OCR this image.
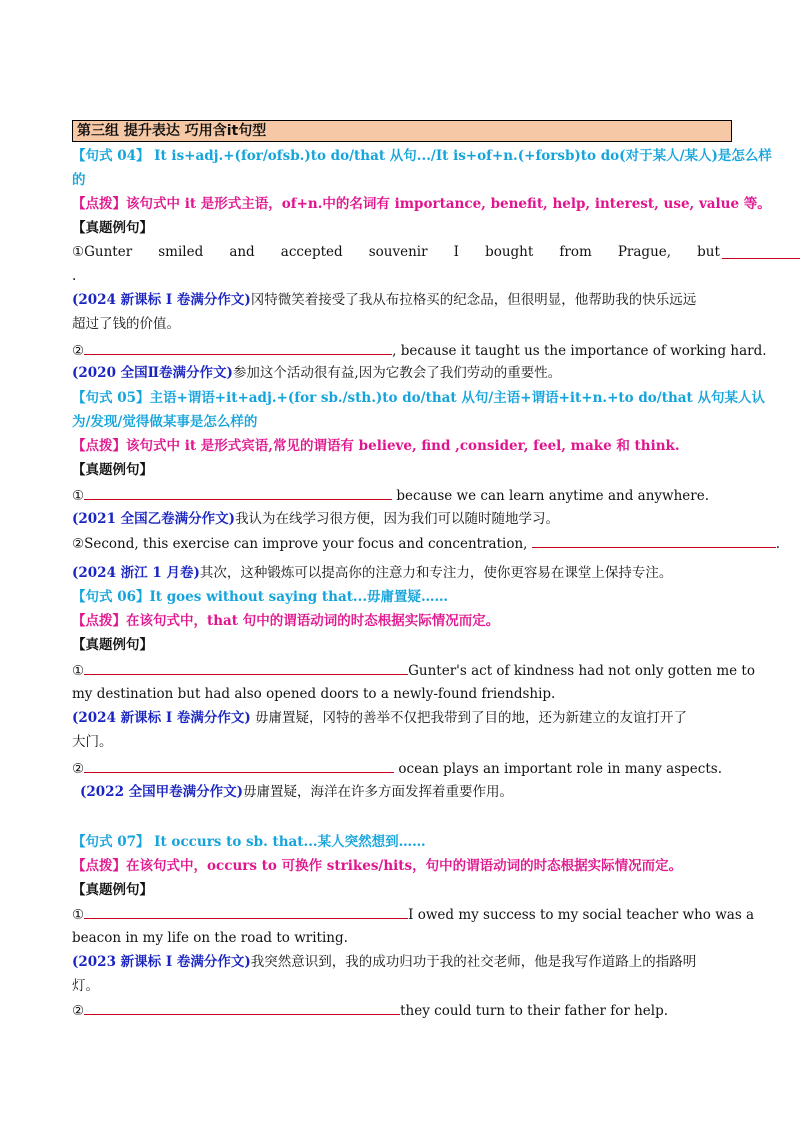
第三组 提升表达 巧用含it句型
【句式 04】 It is+adj.+(for/ofsb.)to do/that 从句.../It is+of+n.(+forsb)to do(对于某人/某人)是怎么样
的
【点拨】该句式中 it 是形式主语，of+n.中的名词有 importance, benefit, help, interest, use, value 等。
【真题例句】
①Gunter smiled and accepted souvenir I bought from Prague, but
.
(2024 新课标 I 卷满分作文)冈特微笑着接受了我从布拉格买的纪念品，但很明显，他帮助我的快乐远远
超过了钱的价值。
②	, because it taught us the importance of working hard.
(2020 全国Ⅱ卷满分作文)参加这个活动很有益,因为它教会了我们劳动的重要性。
【句式 05】主语+谓语+it+adj.+(for sb./sth.)to do/that 从句/主语+谓语+it+n.+to do/that 从句某人认
为/发现/觉得做某事是怎么样的
【点拨】该句式中 it 是形式宾语,常见的谓语有 believe, find ,consider, feel, make 和 think.
【真题例句】
①	because we can learn anytime and anywhere.
(2021 全国乙卷满分作文)我认为在线学习很方便，因为我们可以随时随地学习。
②Second, this exercise can improve your focus and concentration,	.
(2024 浙江 1 月卷)其次，这种锻炼可以提高你的注意力和专注力，使你更容易在课堂上保持专注。
【句式 06】It goes without saying that...毋庸置疑……
【点拨】在该句式中，that 句中的谓语动词的时态根据实际情况而定。
【真题例句】
①	Gunter's act of kindness had not only gotten me to
my destination but had also opened doors to a newly-found friendship.
(2024 新课标 I 卷满分作文) 毋庸置疑，冈特的善举不仅把我带到了目的地，还为新建立的友谊打开了
大门。
②	ocean plays an important role in many aspects.
(2022 全国甲卷满分作文)毋庸置疑，海洋在许多方面发挥着重要作用。
【句式 07】 It occurs to sb. that...某人突然想到……
【点拨】在该句式中，occurs to 可换作 strikes/hits，句中的谓语动词的时态根据实际情况而定。
【真题例句】
①	I owed my success to my social teacher who was a
beacon in my life on the road to writing.
(2023 新课标 I 卷满分作文)我突然意识到，我的成功归功于我的社交老师，他是我写作道路上的指路明
灯。
②	they could turn to their father for help.
